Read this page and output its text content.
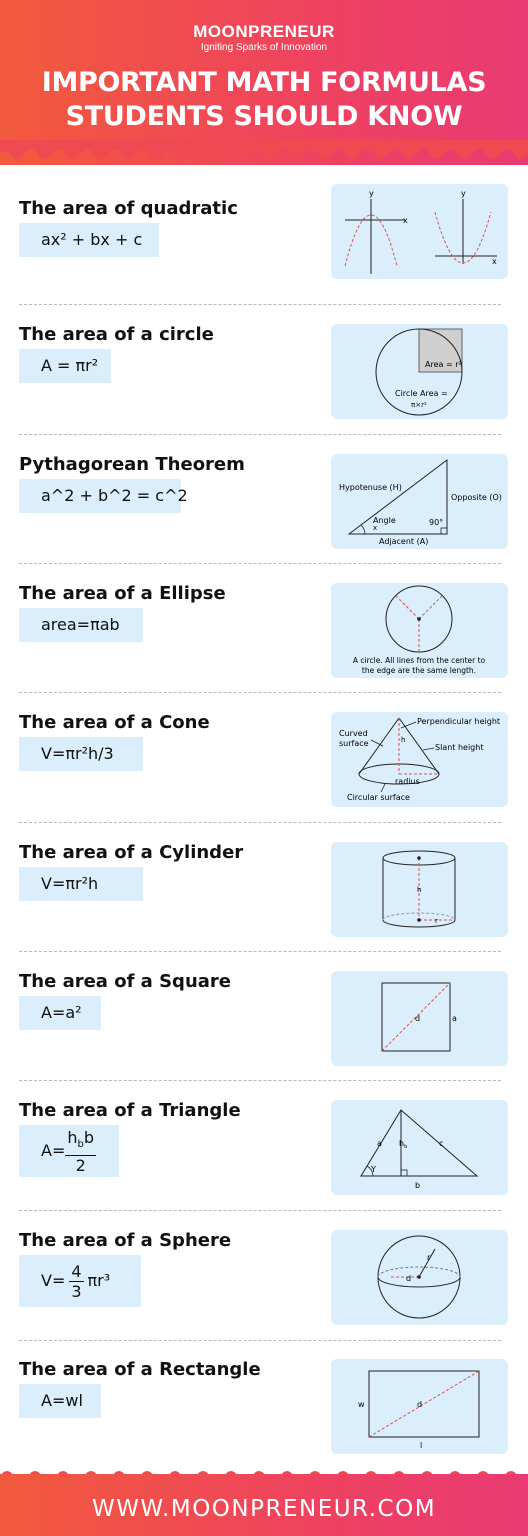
MOONPRENEUR
Igniting Sparks of Innovation
IMPORTANT MATH FORMULAS
STUDENTS SHOULD KNOW
The area of quadratic
ax² + bx + c
y
x
y
x
The area of a circle
A = πr²	Area = r²
Circle Area =
π×r²
Pythagorean Theorem
a^2 + b^2 = c^2	Hypotenuse (H)
Opposite (O)
Adjacent (A)
Angle
x
90°
The area of a Ellipse
area=πab
A circle. All lines from the center to
the edge are the same length.
The area of a Cone
V=πr²h/3
Curved
surface
Perpendicular height
Slant height
h
radius
Circular surface
The area of a Cylinder
V=πr²h	h
r
The area of a Square
A=a²	d	a
The area of a Triangle
$A= \frac{h_bb}{2}$	a $h_b$	c
Y
b
The area of a Sphere
$V= \frac{4}{3} \pi r^3$
r
d
The area of a Rectangle
A=wl	w	d
l
WWW.MOONPRENEUR.COM
